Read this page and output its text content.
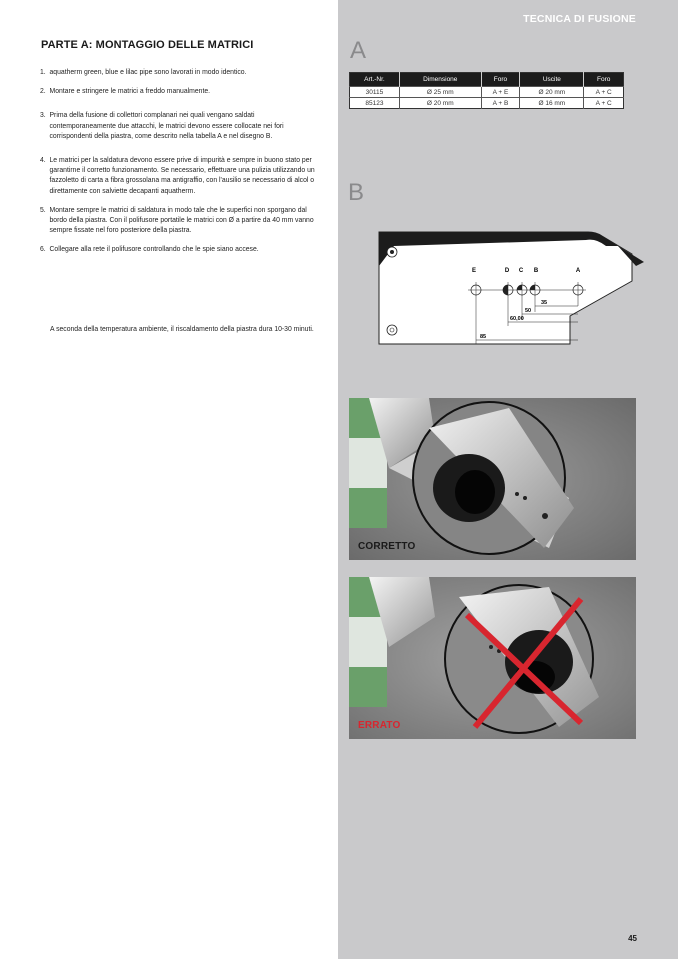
PARTE A: MONTAGGIO DELLE MATRICI
1. aquatherm green, blue e lilac pipe sono lavorati in modo identico.
2. Montare e stringere le matrici a freddo manualmente.
3. Prima della fusione di collettori complanari nei quali vengano saldati contemporaneamente due attacchi, le matrici devono essere collocate nei fori corrispondenti della piastra, come descrito nella tabella A e nel disegno B.
4. Le matrici per la saldatura devono essere prive di impurità e sempre in buono stato per garantirne il corretto funzionamento. Se necessario, effettuare una pulizia utilizzando un fazzoletto di carta a fibra grossolana ma antigraffio, con l'ausilio se necessario di alcol o direttamente con salviette decapanti aquatherm.
5. Montare sempre le matrici di saldatura in modo tale che le superfici non sporgano dal bordo della piastra. Con il polifusore portatile le matrici con Ø a partire da 40 mm vanno sempre fissate nel foro posteriore della piastra.
6. Collegare alla rete il polifusore controllando che le spie siano accese.
A seconda della temperatura ambiente, il riscaldamento della piastra dura 10-30 minuti.
TECNICA DI FUSIONE
A
Art.-Nr.	Dimensione	Foro	Uscite	Foro
30115	Ø 25 mm	A + E	Ø 20 mm	A + C
85123	Ø 20 mm	A + B	Ø 16 mm	A + C
B
E	D C B	A
35
50
60,00
85
CORRETTO
ERRATO
45
